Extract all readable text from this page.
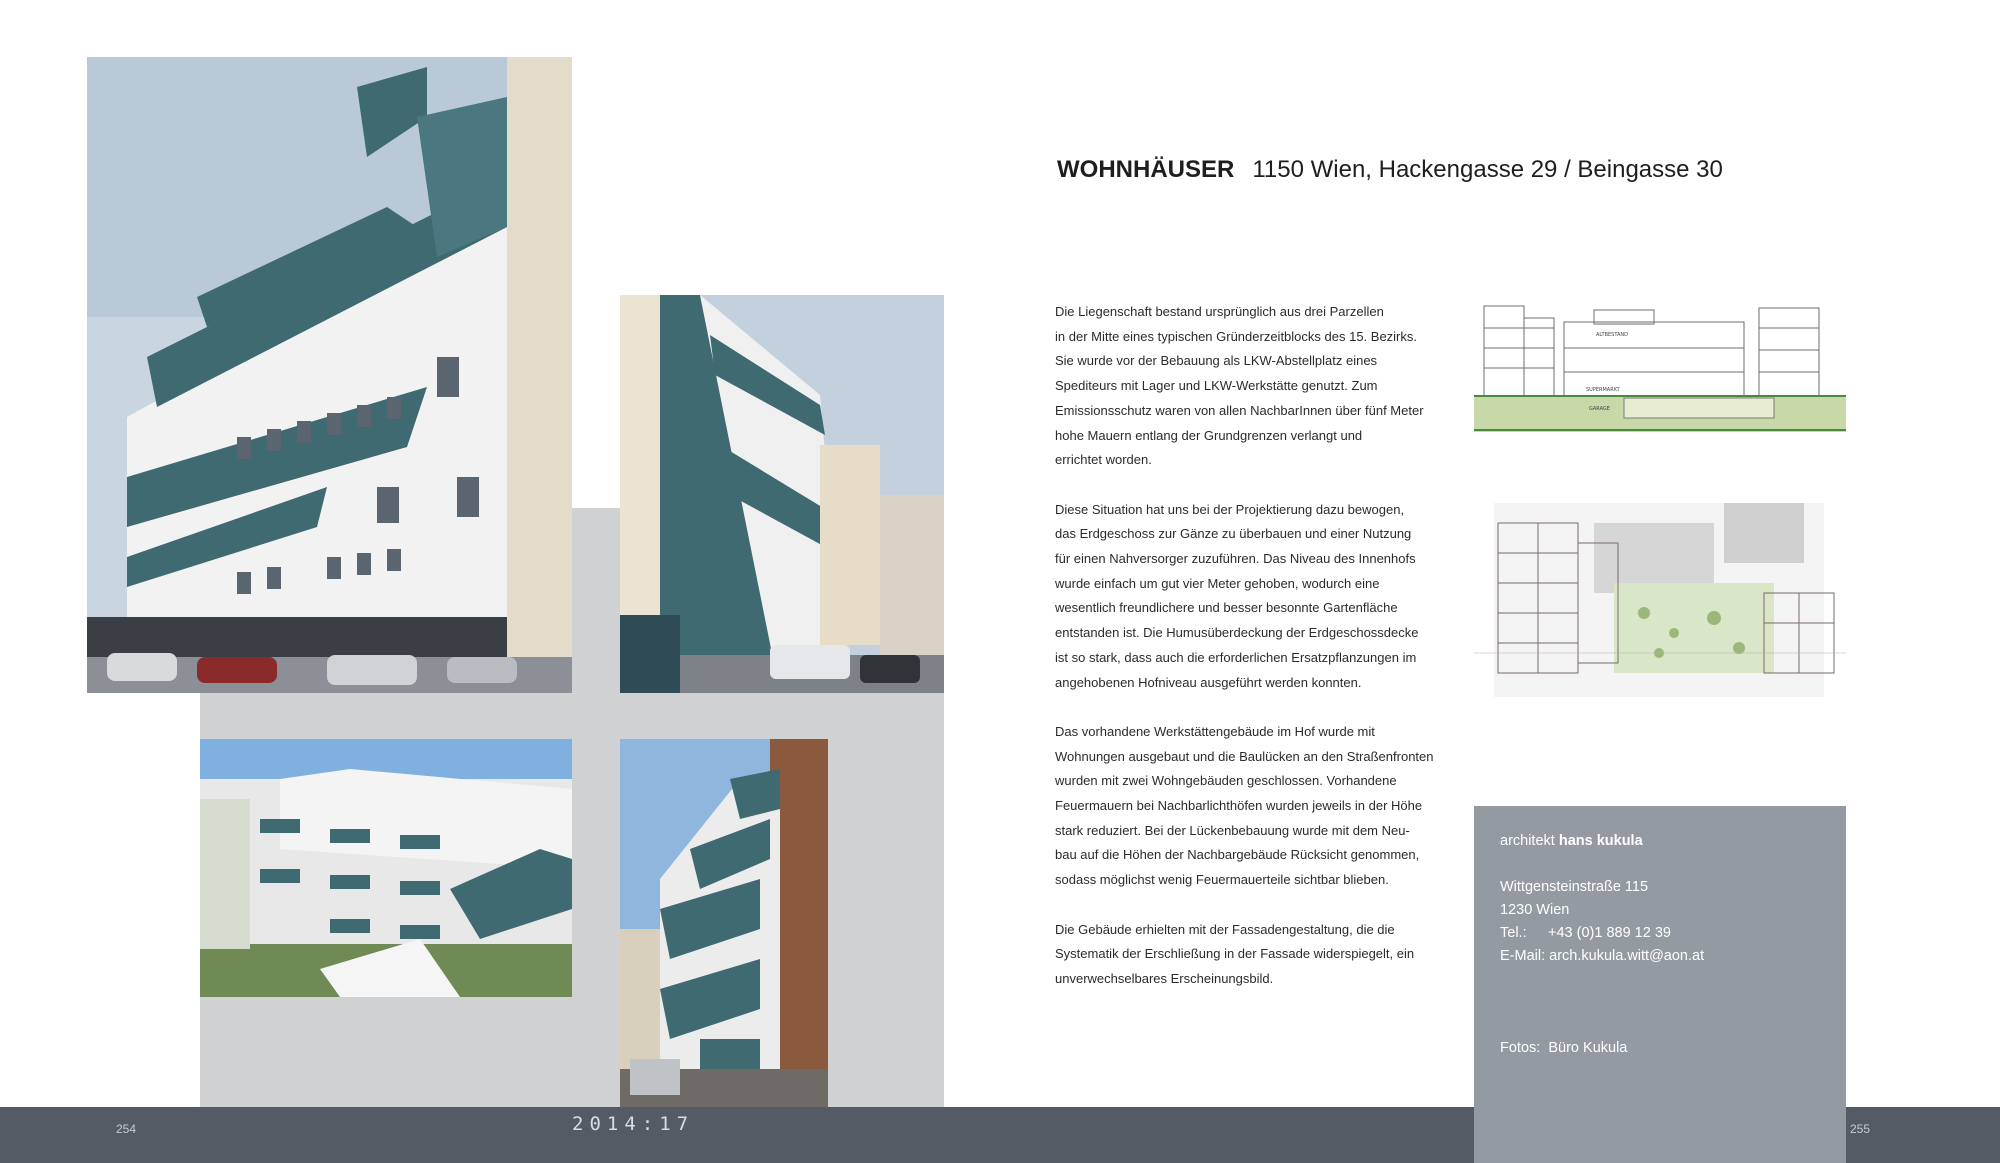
WOHNHÄUSER 1150 Wien, Hackengasse 29 / Beingasse 30

Die Liegenschaft bestand ursprünglich aus drei Parzellen
in der Mitte eines typischen Gründerzeitblocks des 15. Bezirks.
Sie wurde vor der Bebauung als LKW-Abstellplatz eines
Spediteurs mit Lager und LKW-Werkstätte genutzt. Zum
Emissionsschutz waren von allen NachbarInnen über fünf Meter
hohe Mauern entlang der Grundgrenzen verlangt und
errichtet worden.

Diese Situation hat uns bei der Projektierung dazu bewogen,
das Erdgeschoss zur Gänze zu überbauen und einer Nutzung
für einen Nahversorger zuzuführen. Das Niveau des Innenhofs
wurde einfach um gut vier Meter gehoben, wodurch eine
wesentlich freundlichere und besser besonnte Gartenfläche
entstanden ist. Die Humusüberdeckung der Erdgeschossdecke
ist so stark, dass auch die erforderlichen Ersatzpflanzungen im
angehobenen Hofniveau ausgeführt werden konnten.

Das vorhandene Werkstättengebäude im Hof wurde mit
Wohnungen ausgebaut und die Baulücken an den Straßenfronten
wurden mit zwei Wohngebäuden geschlossen. Vorhandene
Feuermauern bei Nachbarlichthöfen wurden jeweils in der Höhe
stark reduziert. Bei der Lückenbebauung wurde mit dem Neu-
bau auf die Höhen der Nachbargebäude Rücksicht genommen,
sodass möglichst wenig Feuermauerteile sichtbar blieben.

Die Gebäude erhielten mit der Fassadengestaltung, die die
Systematik der Erschließung in der Fassade widerspiegelt, ein
unverwechselbares Erscheinungsbild.

ALTBESTAND
SUPERMARKT
GARAGE
architekt hans kukula
Wittgensteinstraße 115
1230 Wien
Tel.: +43 (0)1 889 12 39
E-Mail: arch.kukula.witt@aon.at
Fotos: Büro Kukula
254	2014:17	255
